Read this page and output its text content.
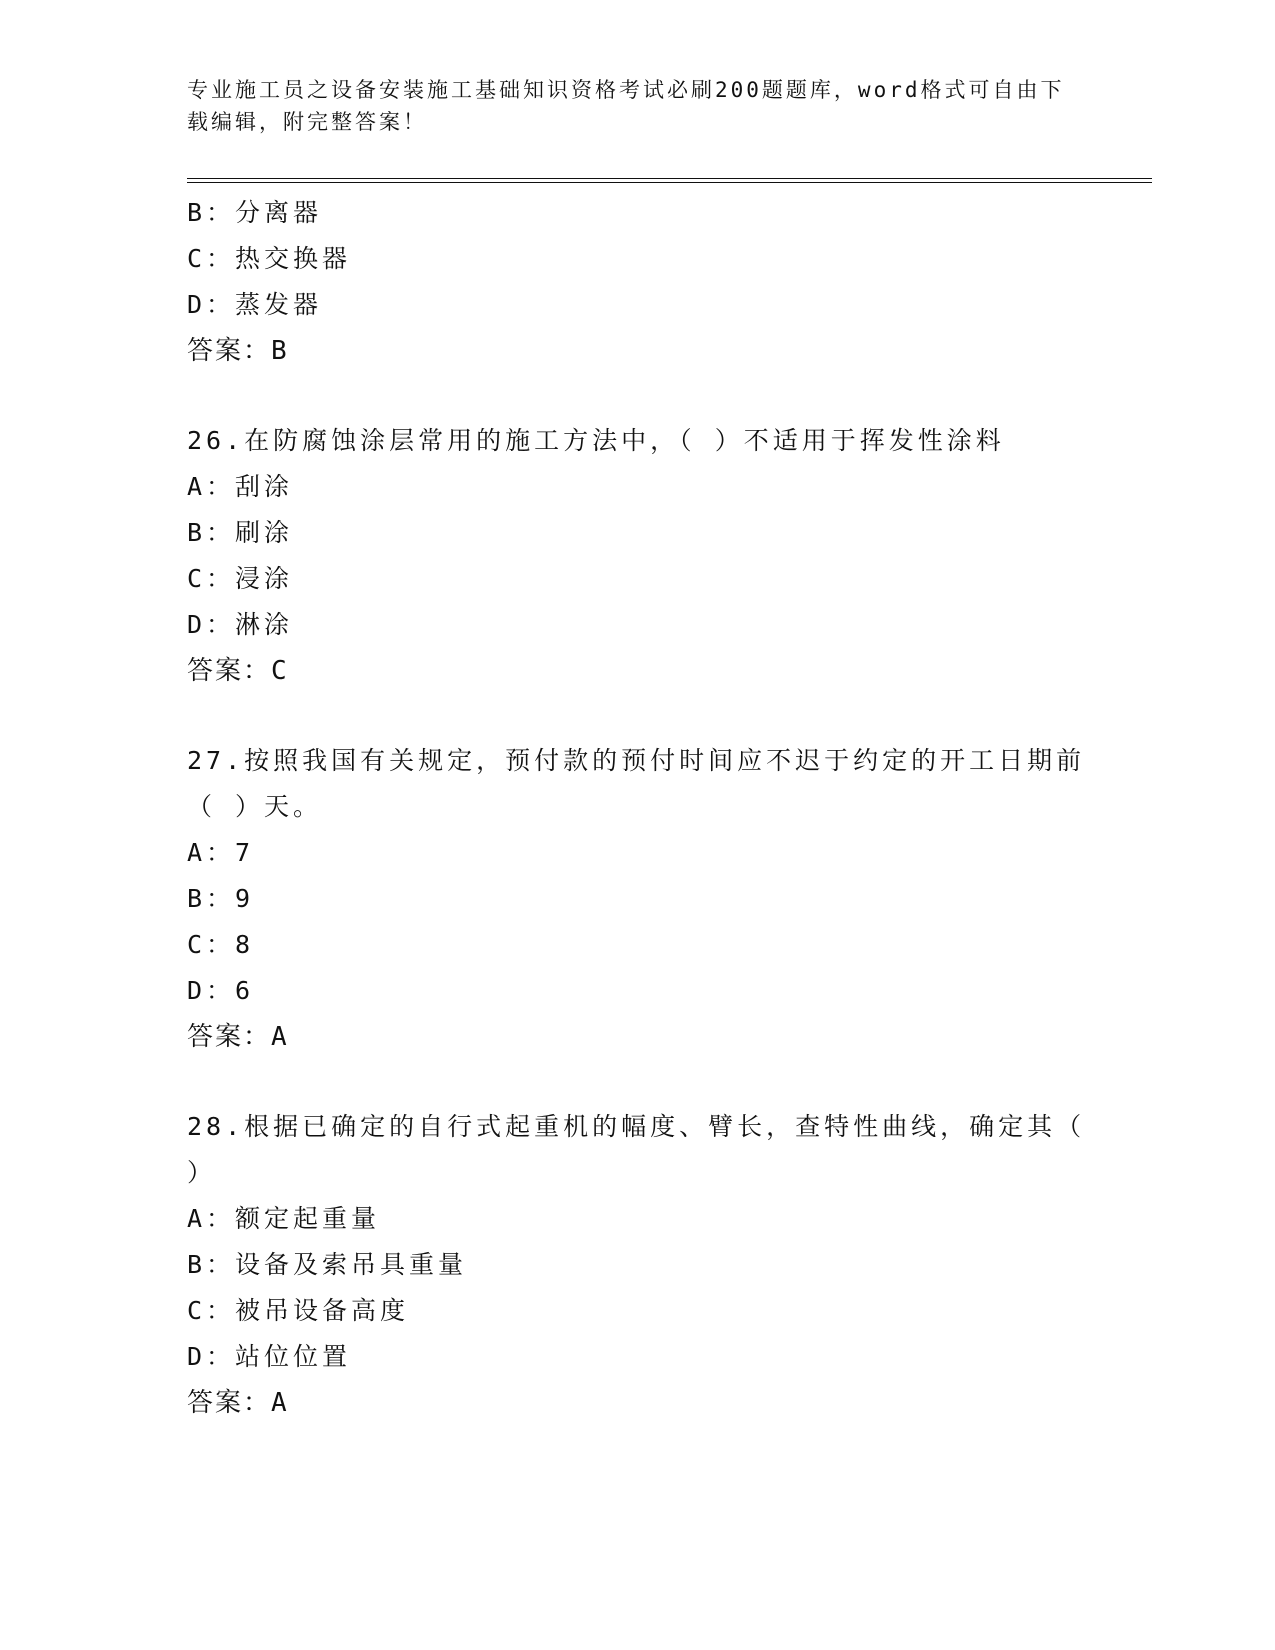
专业施工员之设备安装施工基础知识资格考试必刷200题题库，word格式可自由下载编辑，附完整答案！
B：分离器
C：热交换器
D：蒸发器
答案：B
26.在防腐蚀涂层常用的施工方法中，（ ）不适用于挥发性涂料
A：刮涂
B：刷涂
C：浸涂
D：淋涂
答案：C
27.按照我国有关规定，预付款的预付时间应不迟于约定的开工日期前（ ）天。
A：7
B：9
C：8
D：6
答案：A
28.根据已确定的自行式起重机的幅度、臂长，查特性曲线，确定其（ ）
A：额定起重量
B：设备及索吊具重量
C：被吊设备高度
D：站位位置
答案：A
